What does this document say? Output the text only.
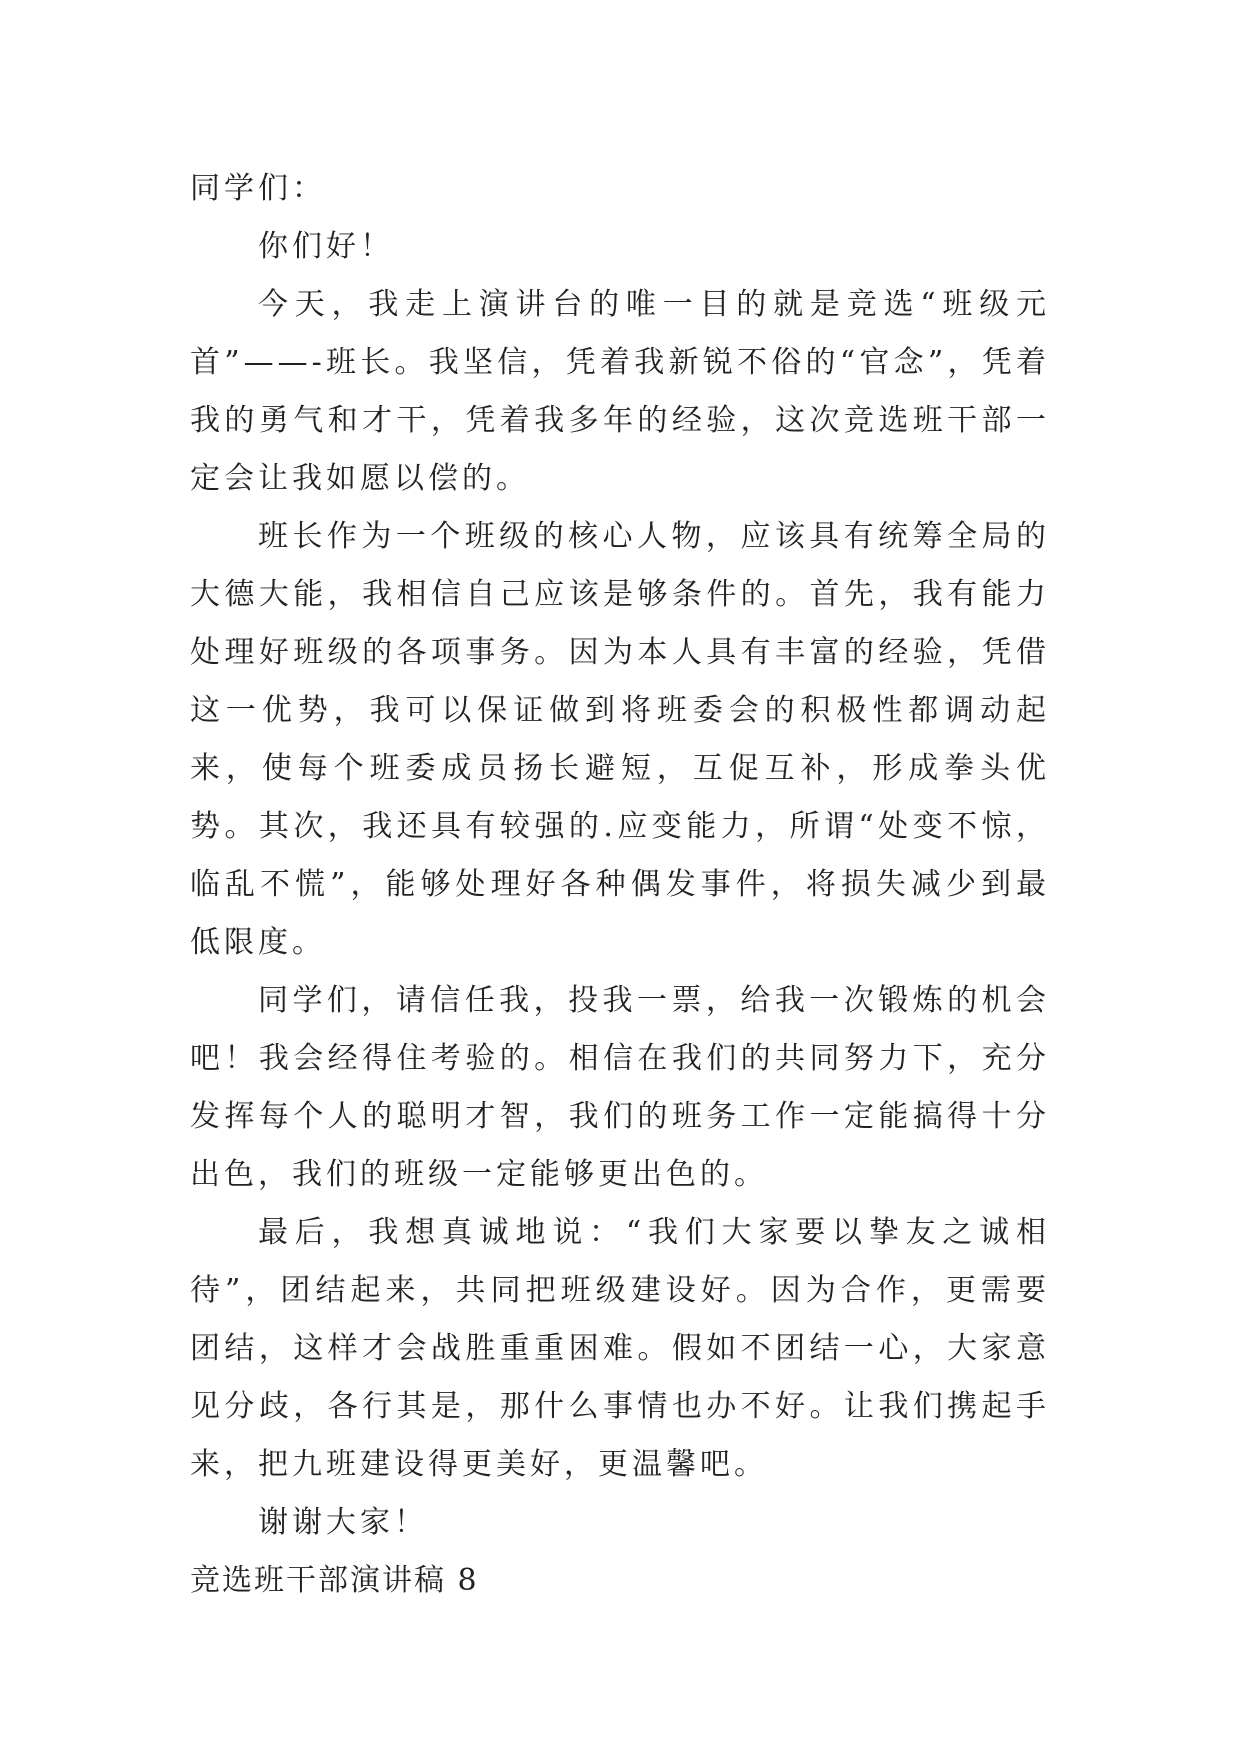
同学们：

你们好！

今天，我走上演讲台的唯一目的就是竞选“班级元首”——-班长。我坚信，凭着我新锐不俗的“官念”，凭着我的勇气和才干，凭着我多年的经验，这次竞选班干部一定会让我如愿以偿的。

班长作为一个班级的核心人物，应该具有统筹全局的大德大能，我相信自己应该是够条件的。首先，我有能力处理好班级的各项事务。因为本人具有丰富的经验，凭借这一优势，我可以保证做到将班委会的积极性都调动起来，使每个班委成员扬长避短，互促互补，形成拳头优势。其次，我还具有较强的.应变能力，所谓“处变不惊，临乱不慌”，能够处理好各种偶发事件，将损失减少到最低限度。

同学们，请信任我，投我一票，给我一次锻炼的机会吧！我会经得住考验的。相信在我们的共同努力下，充分发挥每个人的聪明才智，我们的班务工作一定能搞得十分出色，我们的班级一定能够更出色的。

最后，我想真诚地说：“我们大家要以挚友之诚相待”，团结起来，共同把班级建设好。因为合作，更需要团结，这样才会战胜重重困难。假如不团结一心，大家意见分歧，各行其是，那什么事情也办不好。让我们携起手来，把九班建设得更美好，更温馨吧。

谢谢大家！

竞选班干部演讲稿 8
